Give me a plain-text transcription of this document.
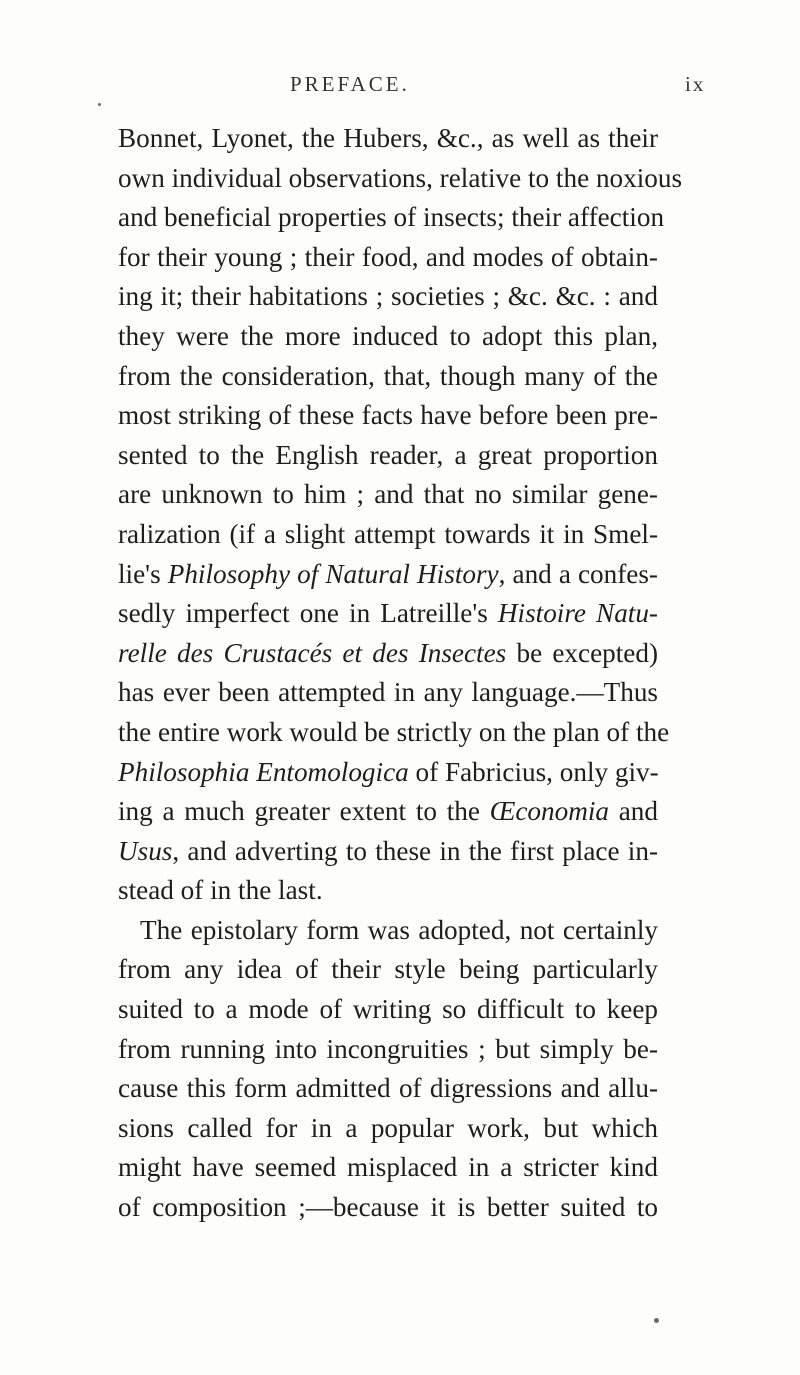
PREFACE.	ix
Bonnet, Lyonet, the Hubers, &c., as well as their
own individual observations, relative to the noxious
and beneficial properties of insects; their affection
for their young ; their food, and modes of obtain-
ing it; their habitations ; societies ; &c. &c. : and
they were the more induced to adopt this plan,
from the consideration, that, though many of the
most striking of these facts have before been pre-
sented to the English reader, a great proportion
are unknown to him ; and that no similar gene-
ralization (if a slight attempt towards it in Smel-
lie's Philosophy of Natural History, and a confes-
sedly imperfect one in Latreille's Histoire Natu-
relle des Crustacés et des Insectes be excepted)
has ever been attempted in any language.—Thus
the entire work would be strictly on the plan of the
Philosophia Entomologica of Fabricius, only giv-
ing a much greater extent to the Œconomia and
Usus, and adverting to these in the first place in-
stead of in the last.
The epistolary form was adopted, not certainly
from any idea of their style being particularly
suited to a mode of writing so difficult to keep
from running into incongruities ; but simply be-
cause this form admitted of digressions and allu-
sions called for in a popular work, but which
might have seemed misplaced in a stricter kind
of composition ;—because it is better suited to
